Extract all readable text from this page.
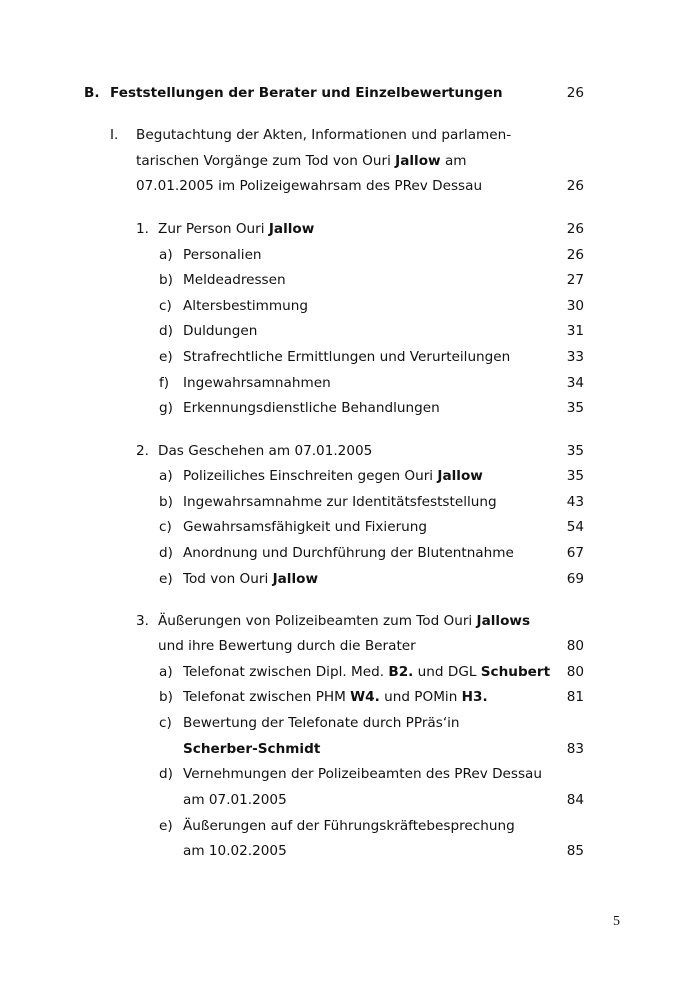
B. Feststellungen der Berater und Einzelbewertungen	26
I. Begutachtung der Akten, Informationen und parlamen-
tarischen Vorgänge zum Tod von Ouri Jallow am
07.01.2005 im Polizeigewahrsam des PRev Dessau	26
1. Zur Person Ouri Jallow	26
a) Personalien	26
b) Meldeadressen	27
c) Altersbestimmung	30
d) Duldungen	31
e) Strafrechtliche Ermittlungen und Verurteilungen	33
f) Ingewahrsamnahmen	34
g) Erkennungsdienstliche Behandlungen	35
2. Das Geschehen am 07.01.2005	35
a) Polizeiliches Einschreiten gegen Ouri Jallow	35
b) Ingewahrsamnahme zur Identitätsfeststellung	43
c) Gewahrsamsfähigkeit und Fixierung	54
d) Anordnung und Durchführung der Blutentnahme	67
e) Tod von Ouri Jallow	69
3. Äußerungen von Polizeibeamten zum Tod Ouri Jallows
und ihre Bewertung durch die Berater	80
a) Telefonat zwischen Dipl. Med. B2. und DGL Schubert	80
b) Telefonat zwischen PHM W4. und POMin H3.	81
c) Bewertung der Telefonate durch PPräs‘in
Scherber-Schmidt	83
d) Vernehmungen der Polizeibeamten des PRev Dessau
am 07.01.2005	84
e) Äußerungen auf der Führungskräftebesprechung
am 10.02.2005	85
5
